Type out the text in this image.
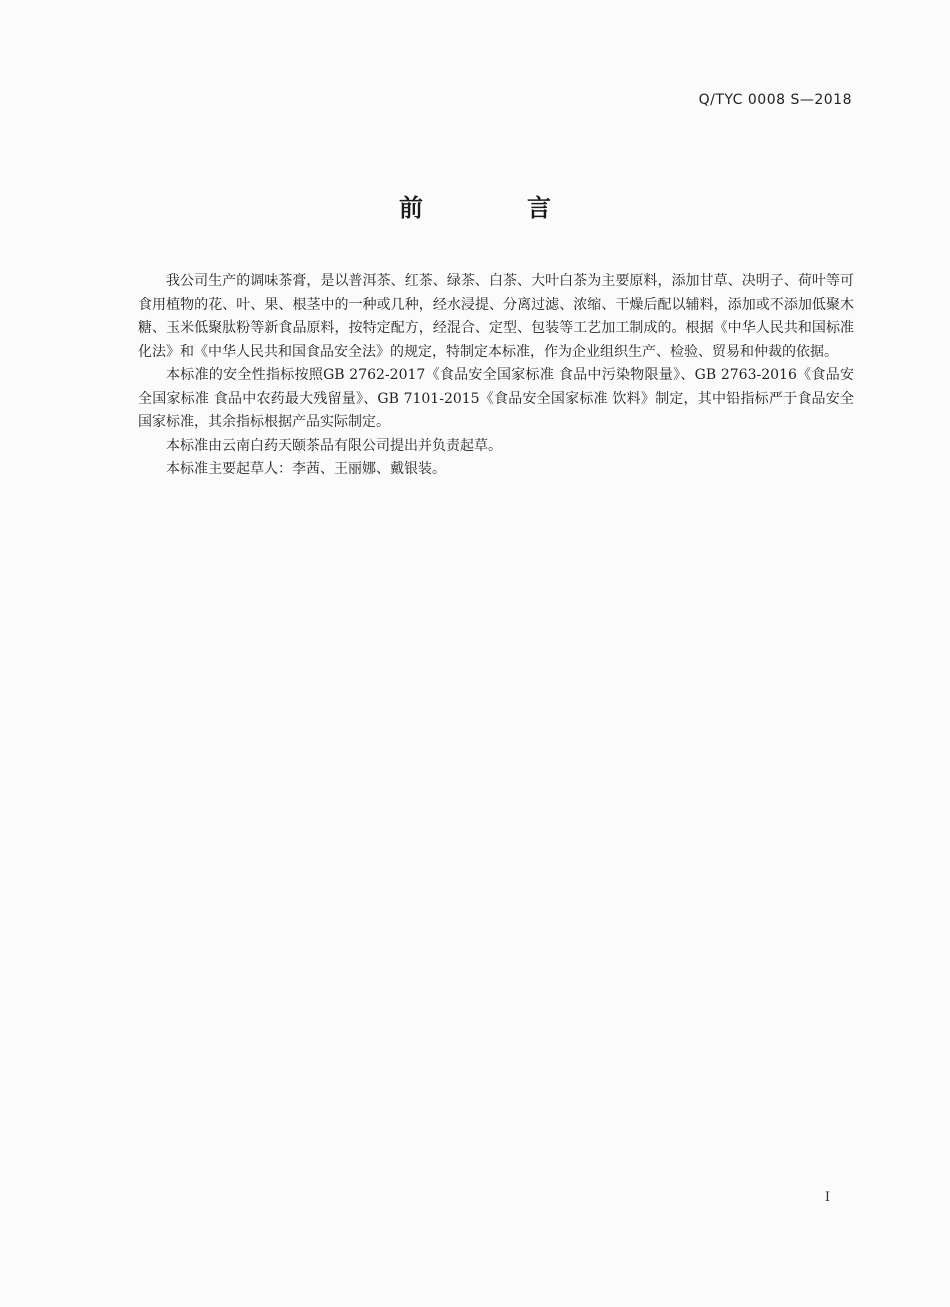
Q/TYC 0008 S—2018
前　言

我公司生产的调味茶膏，是以普洱茶、红茶、绿茶、白茶、大叶白茶为主要原料，添加甘草、决明子、荷叶等可食用植物的花、叶、果、根茎中的一种或几种，经水浸提、分离过滤、浓缩、干燥后配以辅料，添加或不添加低聚木糖、玉米低聚肽粉等新食品原料，按特定配方，经混合、定型、包装等工艺加工制成的。根据《中华人民共和国标准化法》和《中华人民共和国食品安全法》的规定，特制定本标准，作为企业组织生产、检验、贸易和仲裁的依据。

本标准的安全性指标按照GB 2762-2017《食品安全国家标准 食品中污染物限量》、GB 2763-2016《食品安全国家标准 食品中农药最大残留量》、GB 7101-2015《食品安全国家标准 饮料》制定，其中铅指标严于食品安全国家标准，其余指标根据产品实际制定。

本标准由云南白药天颐茶品有限公司提出并负责起草。

本标准主要起草人：李茜、王丽娜、戴银装。

I
